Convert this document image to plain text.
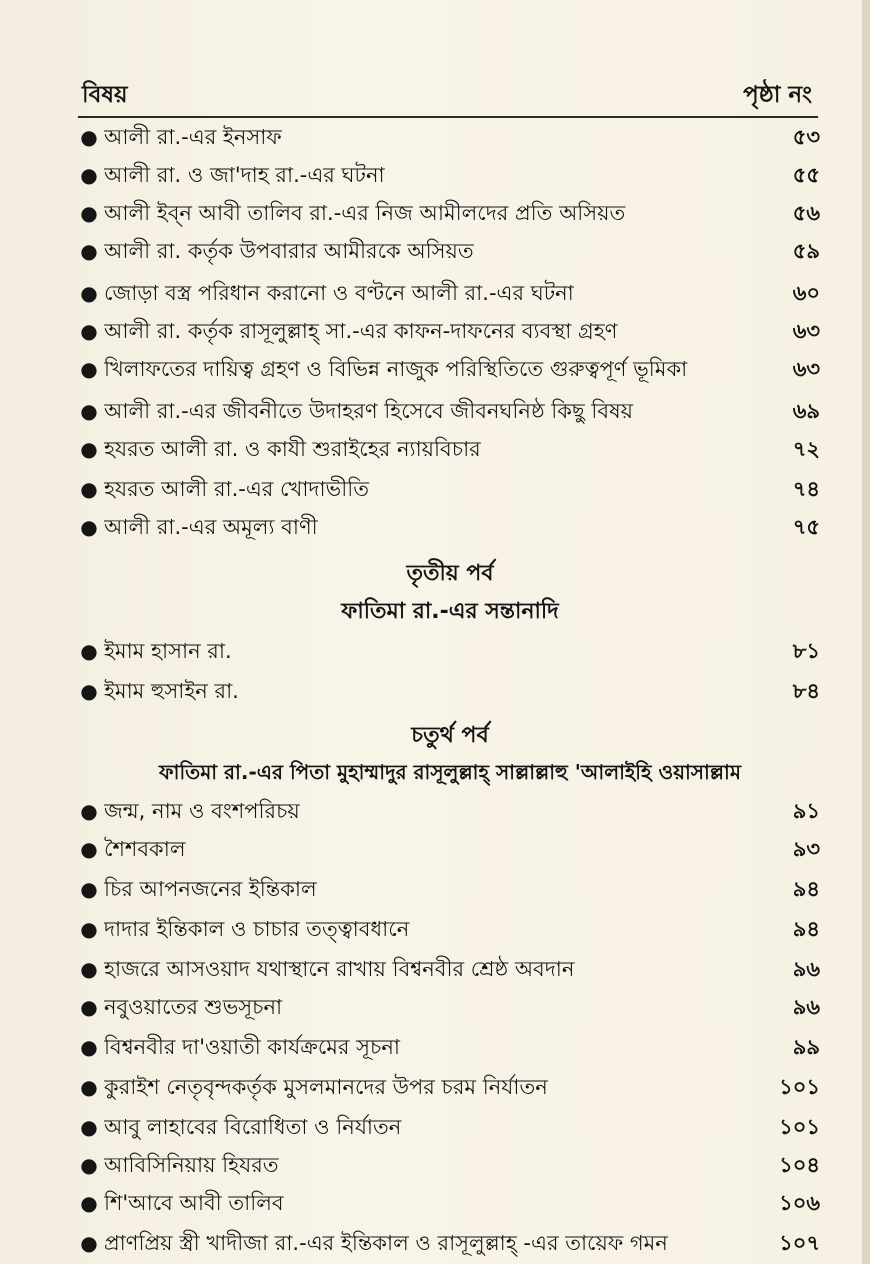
বিষয়	পৃষ্ঠা নং
● আলী রা.-এর ইনসাফ	৫৩
● আলী রা. ও জা'দাহ রা.-এর ঘটনা	৫৫
● আলী ইব্ন আবী তালিব রা.-এর নিজ আমীলদের প্রতি অসিয়ত	৫৬
● আলী রা. কর্তৃক উপবারার আমীরকে অসিয়ত	৫৯
● জোড়া বস্ত্র পরিধান করানো ও বণ্টনে আলী রা.-এর ঘটনা	৬০
● আলী রা. কর্তৃক রাসূলুল্লাহ্ সা.-এর কাফন-দাফনের ব্যবস্থা গ্রহণ	৬৩
● খিলাফতের দায়িত্ব গ্রহণ ও বিভিন্ন নাজুক পরিস্থিতিতে গুরুত্বপূর্ণ ভূমিকা	৬৩
● আলী রা.-এর জীবনীতে উদাহরণ হিসেবে জীবনঘনিষ্ঠ কিছু বিষয়	৬৯
● হযরত আলী রা. ও কাযী শুরাইহের ন্যায়বিচার	৭২
● হযরত আলী রা.-এর খোদাভীতি	৭৪
● আলী রা.-এর অমূল্য বাণী	৭৫
তৃতীয় পর্ব
ফাতিমা রা.-এর সন্তানাদি
● ইমাম হাসান রা.	৮১
● ইমাম হুসাইন রা.	৮৪
চতুর্থ পর্ব
ফাতিমা রা.-এর পিতা মুহাম্মাদুর রাসূলুল্লাহ্ সাল্লাল্লাহু 'আলাইহি ওয়াসাল্লাম
● জন্ম, নাম ও বংশপরিচয়	৯১
● শৈশবকাল	৯৩
● চির আপনজনের ইন্তিকাল	৯৪
● দাদার ইন্তিকাল ও চাচার তত্ত্বাবধানে	৯৪
● হাজরে আসওয়াদ যথাস্থানে রাখায় বিশ্বনবীর শ্রেষ্ঠ অবদান	৯৬
● নবুওয়াতের শুভসূচনা	৯৬
● বিশ্বনবীর দা'ওয়াতী কার্যক্রমের সূচনা	৯৯
● কুরাইশ নেতৃবৃন্দকর্তৃক মুসলমানদের উপর চরম নির্যাতন	১০১
● আবু লাহাবের বিরোধিতা ও নির্যাতন	১০১
● আবিসিনিয়ায় হিযরত	১০৪
● শি'আবে আবী তালিব	১০৬
● প্রাণপ্রিয় স্ত্রী খাদীজা রা.-এর ইন্তিকাল ও রাসূলুল্লাহ্ -এর তায়েফ গমন	১০৭
